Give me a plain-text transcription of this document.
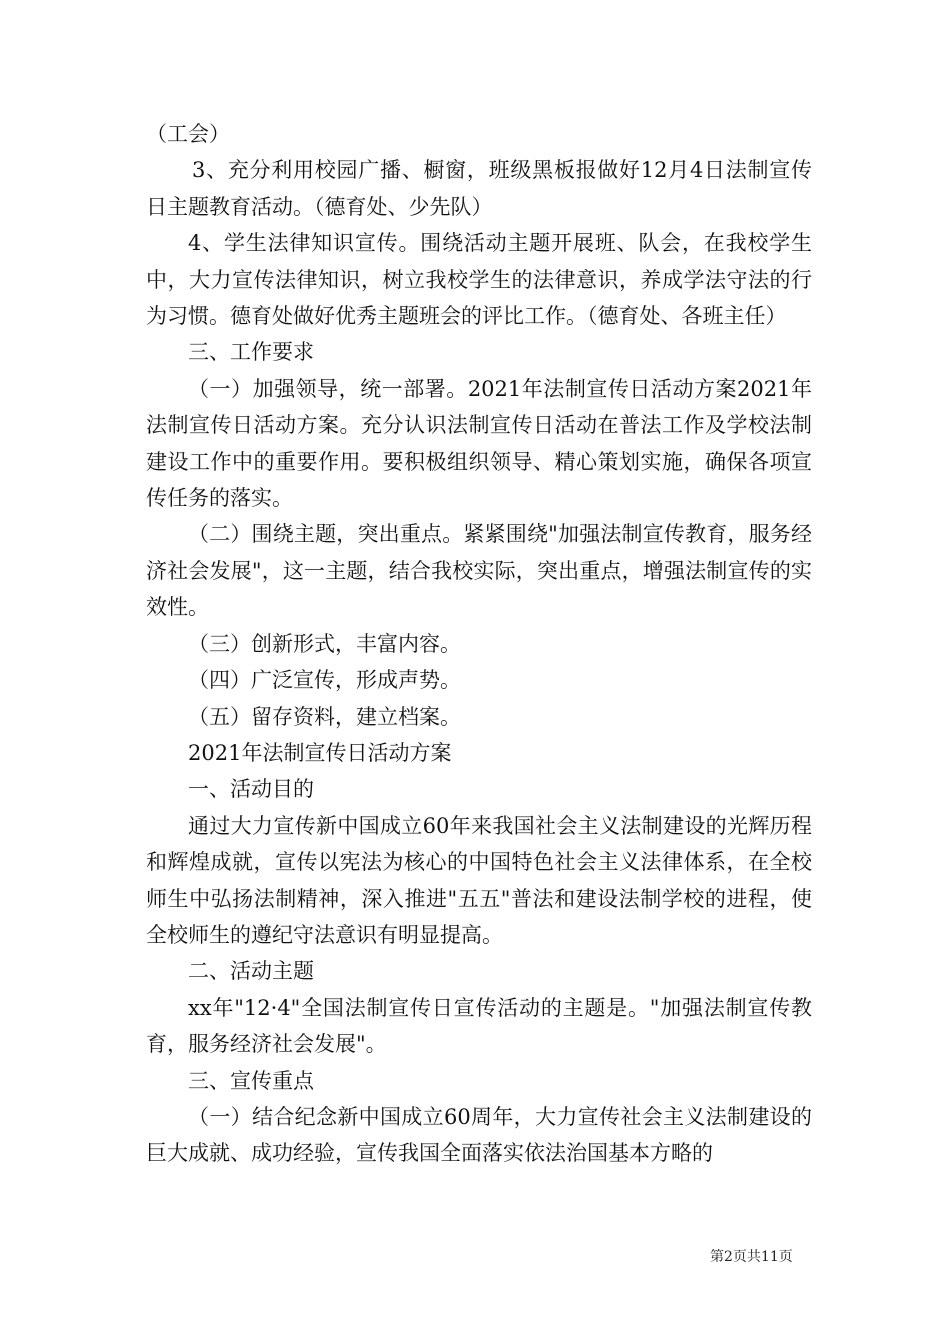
（工会）

3、充分利用校园广播、橱窗，班级黑板报做好12月4日法制宣传日主题教育活动。（德育处、少先队）

4、学生法律知识宣传。围绕活动主题开展班、队会，在我校学生中，大力宣传法律知识，树立我校学生的法律意识，养成学法守法的行为习惯。德育处做好优秀主题班会的评比工作。（德育处、各班主任）

三、工作要求

（一）加强领导，统一部署。2021年法制宣传日活动方案2021年法制宣传日活动方案。充分认识法制宣传日活动在普法工作及学校法制建设工作中的重要作用。要积极组织领导、精心策划实施，确保各项宣传任务的落实。

（二）围绕主题，突出重点。紧紧围绕"加强法制宣传教育，服务经济社会发展"，这一主题，结合我校实际，突出重点，增强法制宣传的实效性。

（三）创新形式，丰富内容。

（四）广泛宣传，形成声势。

（五）留存资料，建立档案。

2021年法制宣传日活动方案

一、活动目的

通过大力宣传新中国成立60年来我国社会主义法制建设的光辉历程和辉煌成就，宣传以宪法为核心的中国特色社会主义法律体系，在全校师生中弘扬法制精神，深入推进"五五"普法和建设法制学校的进程，使全校师生的遵纪守法意识有明显提高。

二、活动主题

xx年"12·4"全国法制宣传日宣传活动的主题是。"加强法制宣传教育，服务经济社会发展"。

三、宣传重点

（一）结合纪念新中国成立60周年，大力宣传社会主义法制建设的巨大成就、成功经验，宣传我国全面落实依法治国基本方略的

第2页共11页
